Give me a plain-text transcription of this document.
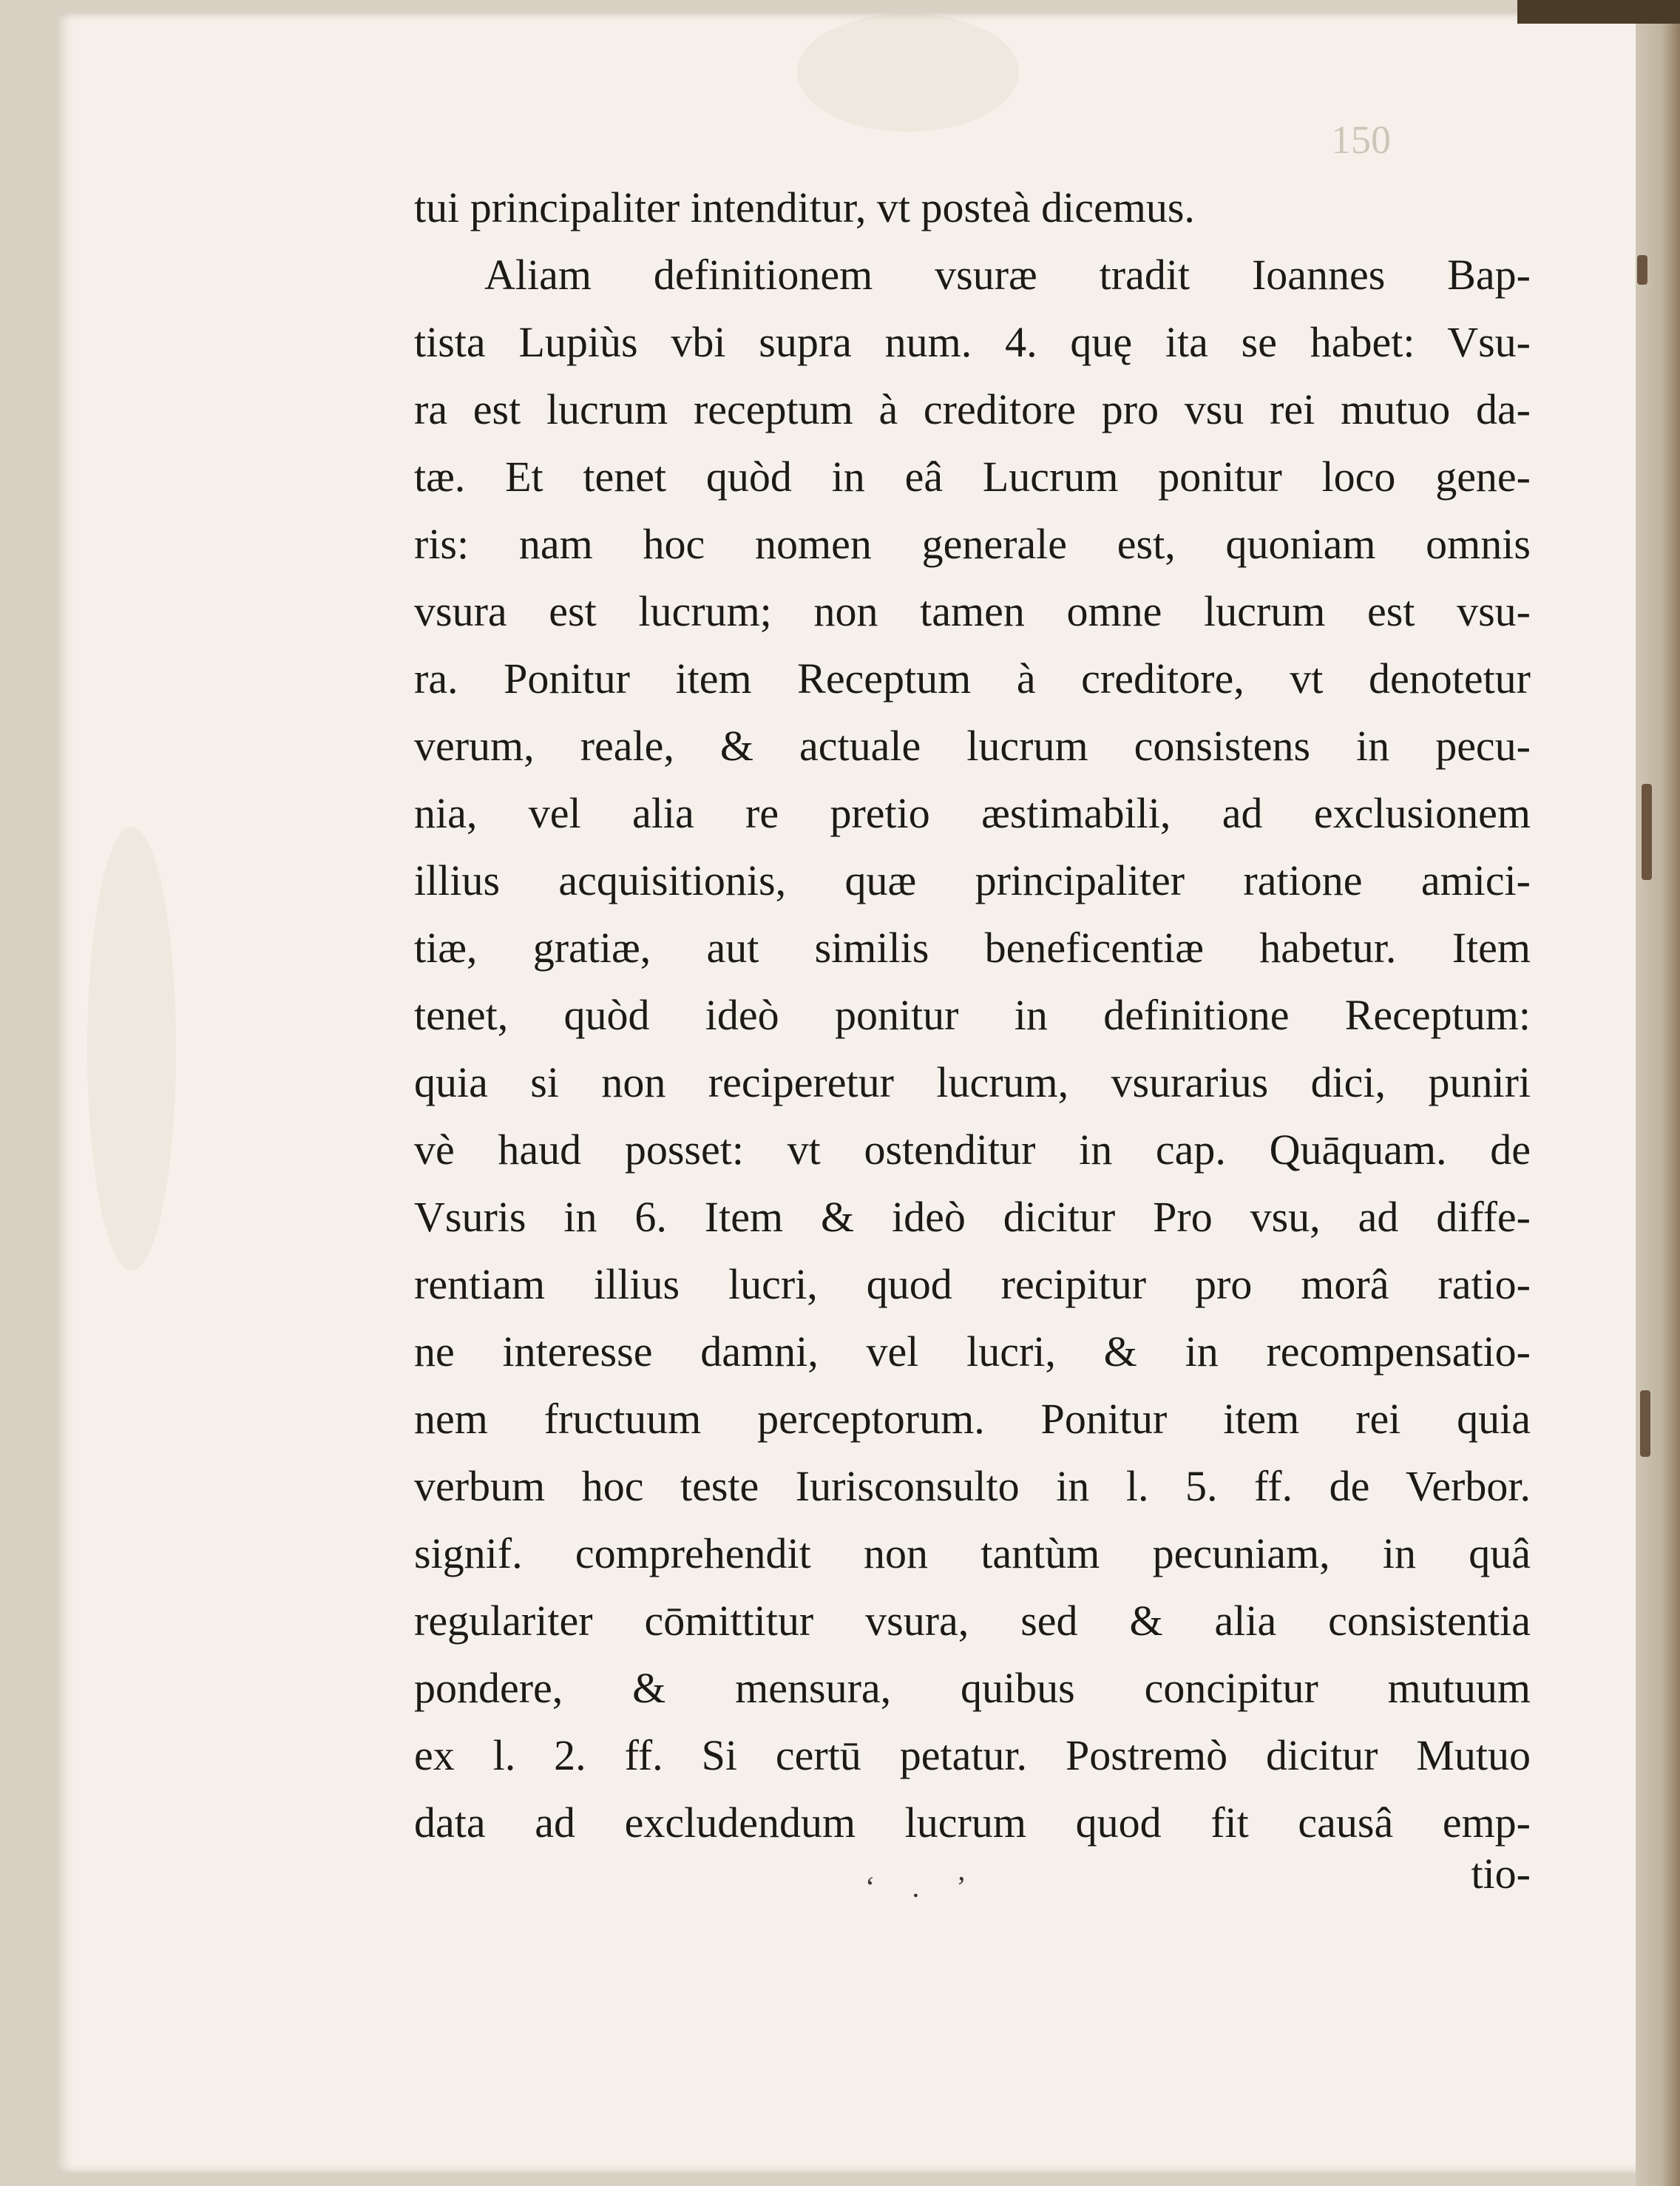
150
tui principaliter intenditur, vt posteà dicemus.
Aliam definitionem vsuræ tradit Ioannes Bap-
tista Lupiùs vbi supra num. 4. quę ita se habet: Vsu-
ra est lucrum receptum à creditore pro vsu rei mutuo da-
tæ. Et tenet quòd in eâ Lucrum ponitur loco gene-
ris: nam hoc nomen generale est, quoniam omnis
vsura est lucrum; non tamen omne lucrum est vsu-
ra. Ponitur item Receptum à creditore, vt denotetur
verum, reale, & actuale lucrum consistens in pecu-
nia, vel alia re pretio æstimabili, ad exclusionem
illius acquisitionis, quæ principaliter ratione amici-
tiæ, gratiæ, aut similis beneficentiæ habetur. Item
tenet, quòd ideò ponitur in definitione Receptum:
quia si non reciperetur lucrum, vsurarius dici, puniri
vè haud posset: vt ostenditur in cap. Quāquam. de
Vsuris in 6. Item & ideò dicitur Pro vsu, ad diffe-
rentiam illius lucri, quod recipitur pro morâ ratio-
ne interesse damni, vel lucri, & in recompensatio-
nem fructuum perceptorum. Ponitur item rei quia
verbum hoc teste Iurisconsulto in l. 5. ff. de Verbor.
signif. comprehendit non tantùm pecuniam, in quâ
regulariter cōmittitur vsura, sed & alia consistentia
pondere, & mensura, quibus concipitur mutuum
ex l. 2. ff. Si certū petatur. Postremò dicitur Mutuo
data ad excludendum lucrum quod fit causâ emp-
ʻ . ʼ	tio-
